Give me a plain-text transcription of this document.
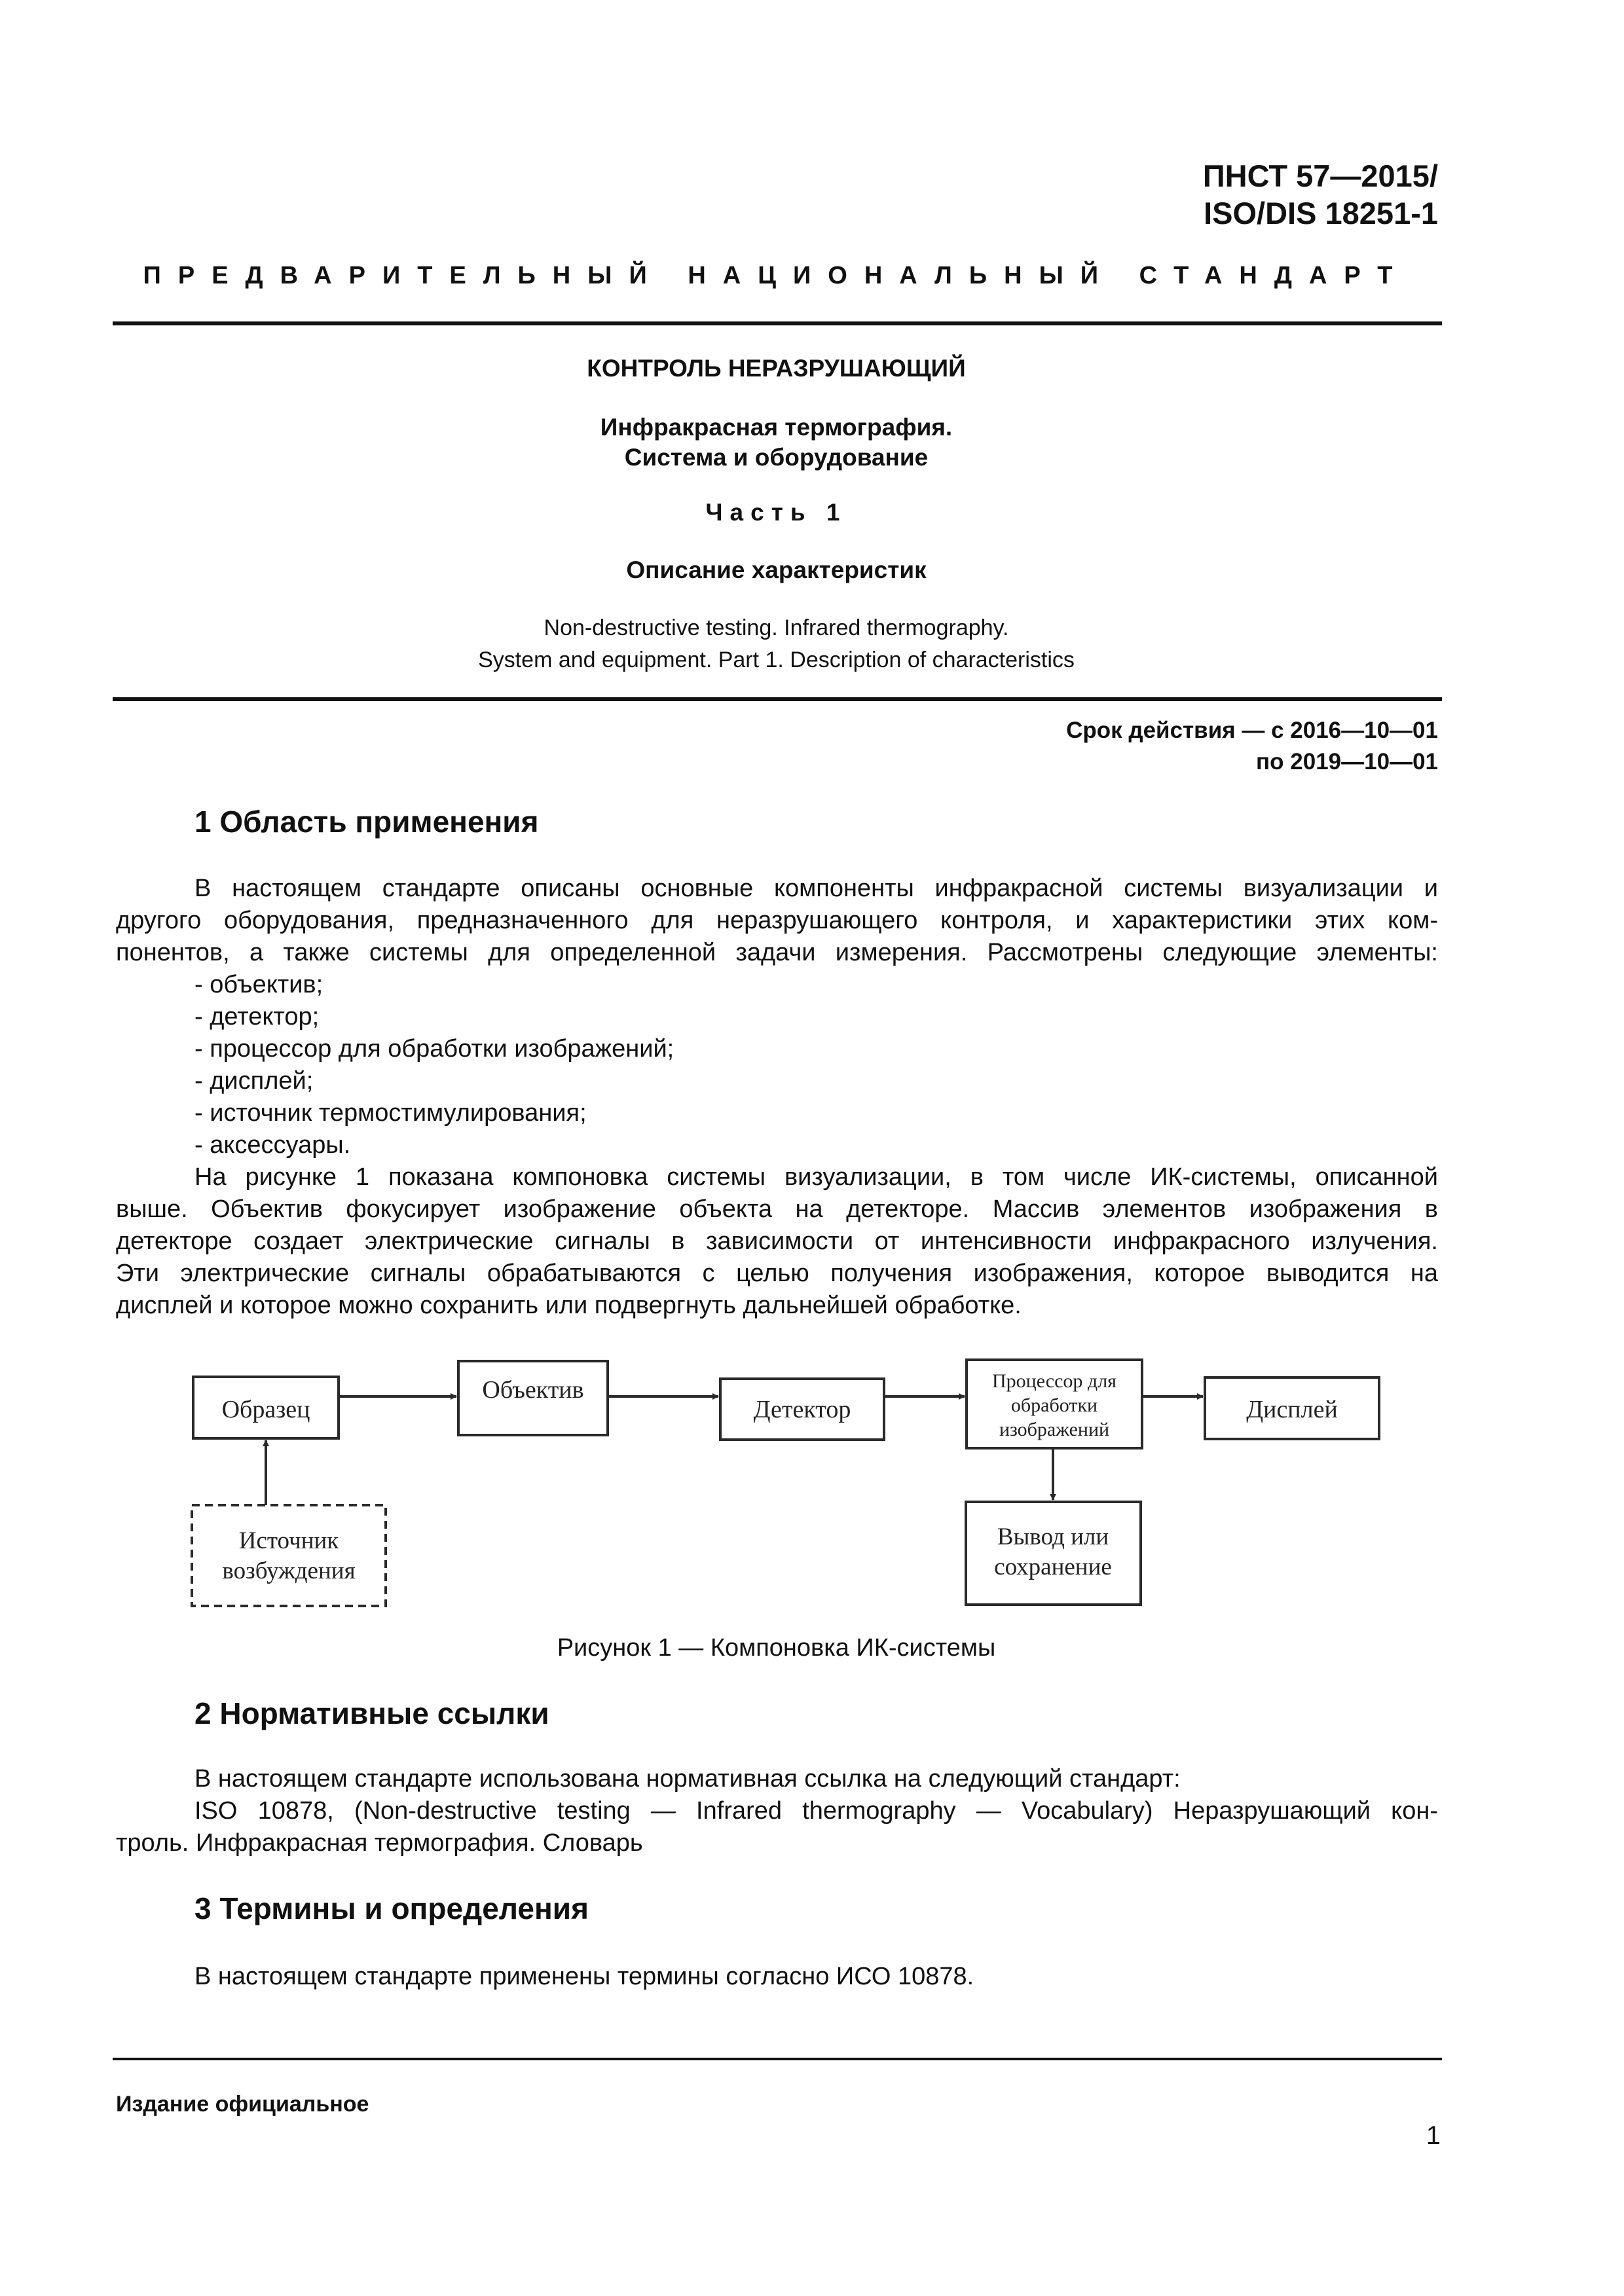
ПНСТ 57—2015/
ISO/DIS 18251-1
ПРЕДВАРИТЕЛЬНЫЙ НАЦИОНАЛЬНЫЙ СТАНДАРТ
КОНТРОЛЬ НЕРАЗРУШАЮЩИЙ
Инфракрасная термография.
Система и оборудование
Часть 1
Описание характеристик
Non-destructive testing. Infrared thermography.
System and equipment. Part 1. Description of characteristics
Срок действия — с 2016—10—01
по 2019—10—01
1 Область применения

В настоящем стандарте описаны основные компоненты инфракрасной системы визуализации и

другого оборудования, предназначенного для неразрушающего контроля, и характеристики этих ком-

понентов, а также системы для определенной задачи измерения. Рассмотрены следующие элементы:

- объектив;

- детектор;

- процессор для обработки изображений;

- дисплей;

- источник термостимулирования;

- аксессуары.

На рисунке 1 показана компоновка системы визуализации, в том числе ИК-системы, описанной

выше. Объектив фокусирует изображение объекта на детекторе. Массив элементов изображения в

детекторе создает электрические сигналы в зависимости от интенсивности инфракрасного излучения.

Эти электрические сигналы обрабатываются с целью получения изображения, которое выводится на

дисплей и которое можно сохранить или подвергнуть дальнейшей обработке.

Образец
Объектив
Детектор
Процессор для
обработки
изображений
Дисплей
Источник
возбуждения
Вывод или
сохранение
Рисунок 1 — Компоновка ИК-системы
2 Нормативные ссылки

В настоящем стандарте использована нормативная ссылка на следующий стандарт:

ISO 10878, (Non-destructive testing — Infrared thermography — Vocabulary) Неразрушающий кон-

троль. Инфракрасная термография. Словарь

3 Термины и определения

В настоящем стандарте применены термины согласно ИСО 10878.

Издание официальное
1
